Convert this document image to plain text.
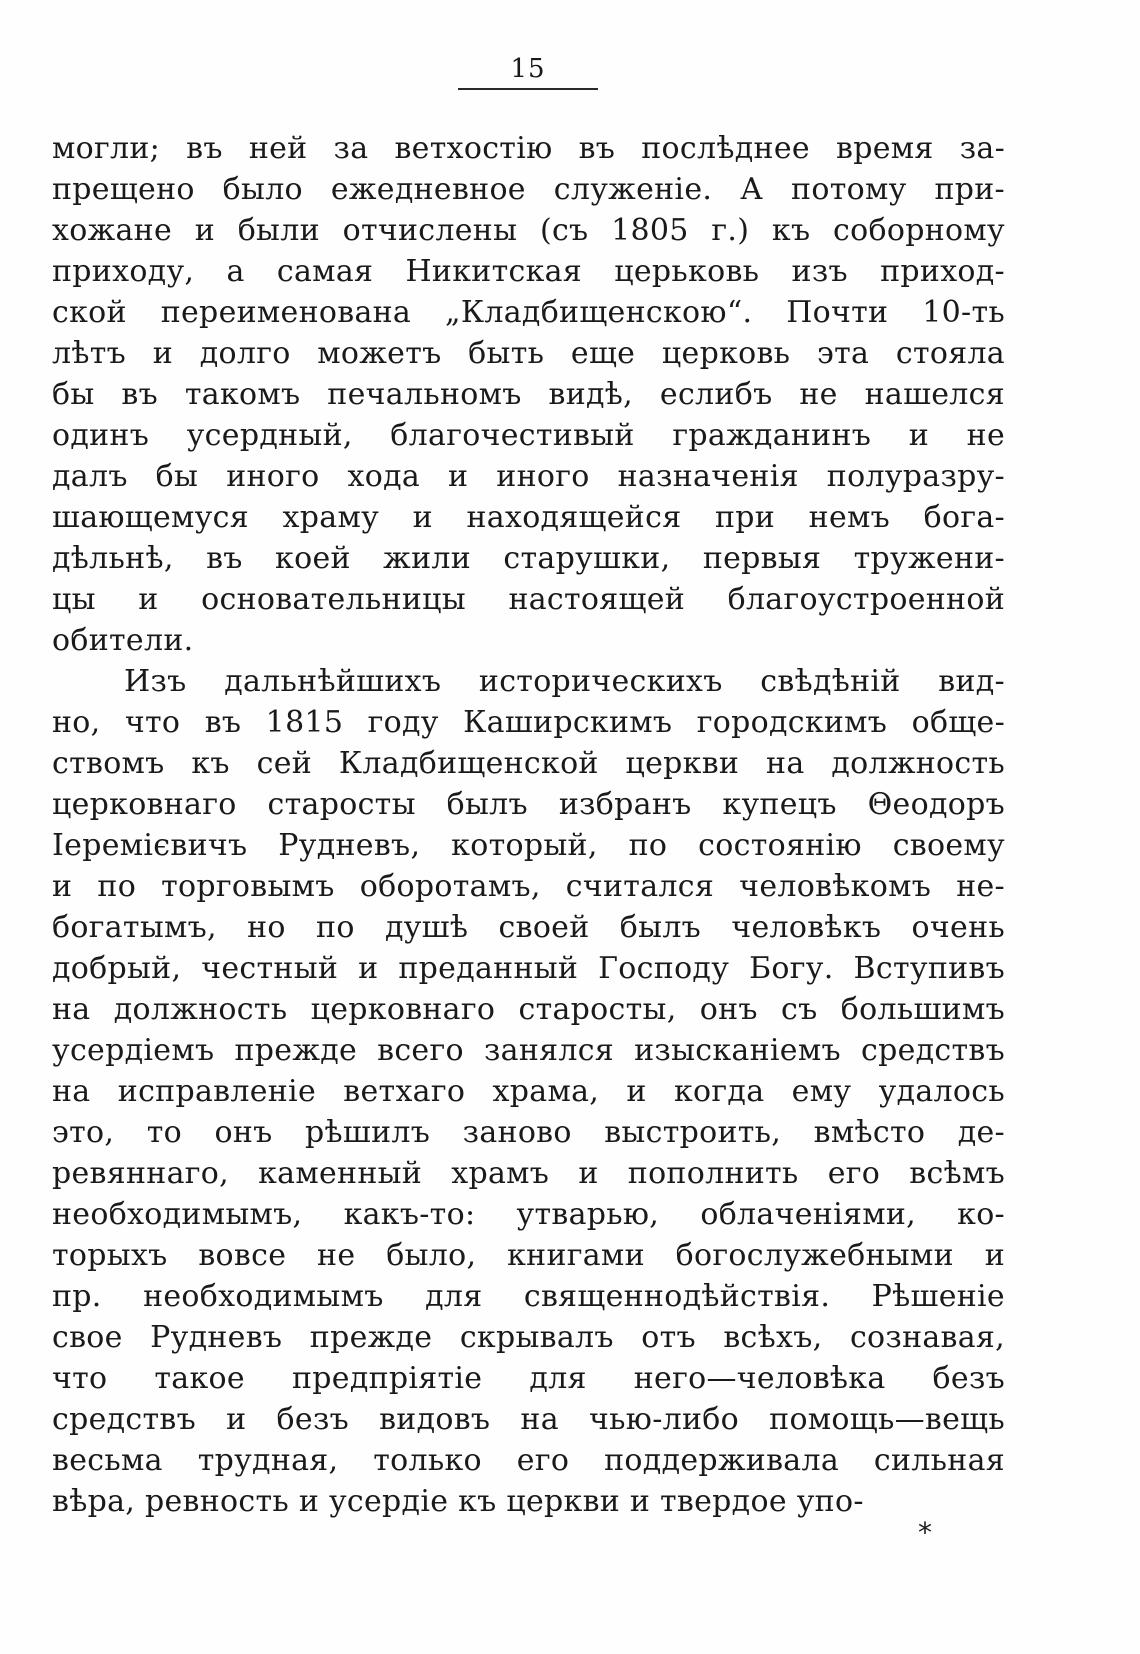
15
могли; въ ней за ветхостію въ послѣднее время за-
прещено было ежедневное служеніе. А потому при-
хожане и были отчислены (съ 1805 г.) къ соборному
приходу, а самая Никитская церьковь изъ приход-
ской переименована „Кладбищенскою“. Почти 10-ть
лѣтъ и долго можетъ быть еще церковь эта стояла
бы въ такомъ печальномъ видѣ, еслибъ не нашелся
одинъ усердный, благочестивый гражданинъ и не
далъ бы иного хода и иного назначенія полуразру-
шающемуся храму и находящейся при немъ бога-
дѣльнѣ, въ коей жили старушки, первыя тружени-
цы и основательницы настоящей благоустроенной
обители.
Изъ дальнѣйшихъ историческихъ свѣдѣній вид-
но, что въ 1815 году Каширскимъ городскимъ обще-
ствомъ къ сей Кладбищенской церкви на должность
церковнаго старосты былъ избранъ купецъ Θеодоръ
Іеремієвичъ Рудневъ, который, по состоянію своему
и по торговымъ оборотамъ, считался человѣкомъ не-
богатымъ, но по душѣ своей былъ человѣкъ очень
добрый, честный и преданный Господу Богу. Вступивъ
на должность церковнаго старосты, онъ съ большимъ
усердіемъ прежде всего занялся изысканіемъ средствъ
на исправленіе ветхаго храма, и когда ему удалось
это, то онъ рѣшилъ заново выстроить, вмѣсто де-
ревяннаго, каменный храмъ и пополнить его всѣмъ
необходимымъ, какъ-то: утварью, облаченіями, ко-
торыхъ вовсе не было, книгами богослужебными и
пр. необходимымъ для священнодѣйствія. Рѣшеніе
свое Рудневъ прежде скрывалъ отъ всѣхъ, сознавая,
что такое предпріятіе для него—человѣка безъ
средствъ и безъ видовъ на чью-либо помощь—вещь
весьма трудная, только его поддерживала сильная
вѣра, ревность и усердіе къ церкви и твердое упо-
*
